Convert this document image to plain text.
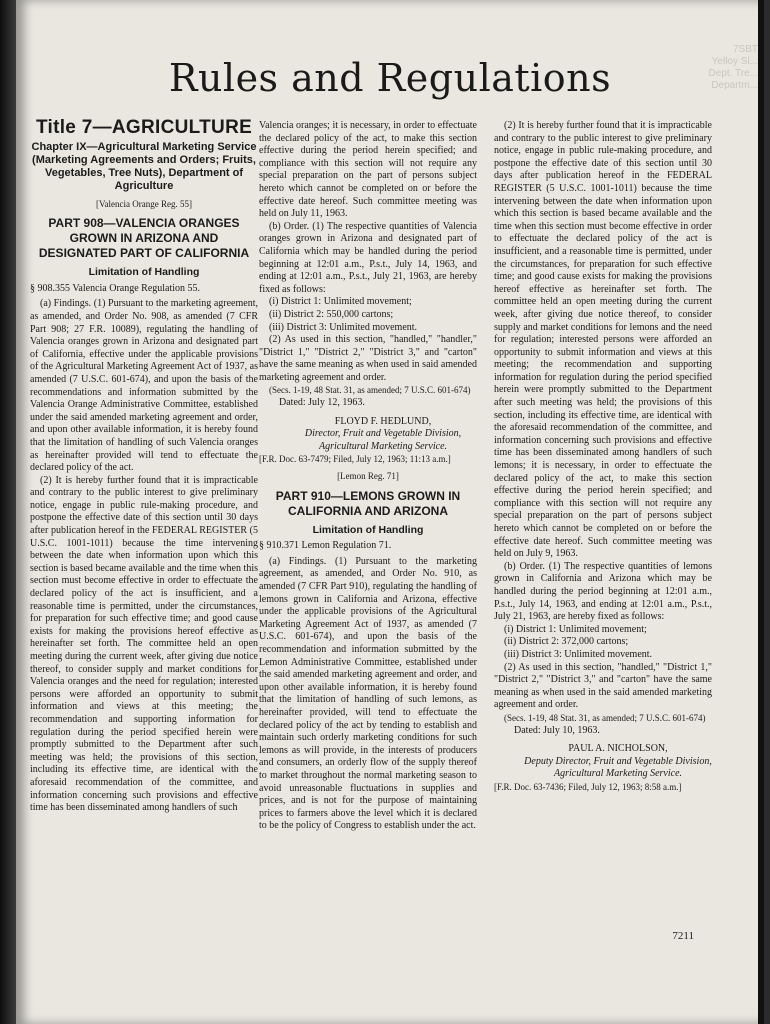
7SBT
Yelloy Sl...
Dept. Tre...
Departm...
Rules and Regulations
Title 7—AGRICULTURE
Chapter IX—Agricultural Marketing Service (Marketing Agreements and Orders; Fruits, Vegetables, Tree Nuts), Department of Agriculture
[Valencia Orange Reg. 55]
PART 908—VALENCIA ORANGES GROWN IN ARIZONA AND DESIGNATED PART OF CALIFORNIA
Limitation of Handling
§ 908.355 Valencia Orange Regulation 55.

(a) Findings. (1) Pursuant to the marketing agreement, as amended, and Order No. 908, as amended (7 CFR Part 908; 27 F.R. 10089), regulating the handling of Valencia oranges grown in Arizona and designated part of California, effective under the applicable provisions of the Agricultural Marketing Agreement Act of 1937, as amended (7 U.S.C. 601-674), and upon the basis of the recommendations and information submitted by the Valencia Orange Administrative Committee, established under the said amended marketing agreement and order, and upon other available information, it is hereby found that the limitation of handling of such Valencia oranges as hereinafter provided will tend to effectuate the declared policy of the act.

(2) It is hereby further found that it is impracticable and contrary to the public interest to give preliminary notice, engage in public rule-making procedure, and postpone the effective date of this section until 30 days after publication hereof in the FEDERAL REGISTER (5 U.S.C. 1001-1011) because the time intervening between the date when information upon which this section is based became available and the time when this section must become effective in order to effectuate the declared policy of the act is insufficient, and a reasonable time is permitted, under the circumstances, for preparation for such effective time; and good cause exists for making the provisions hereof effective as hereinafter set forth. The committee held an open meeting during the current week, after giving due notice thereof, to consider supply and market conditions for Valencia oranges and the need for regulation; interested persons were afforded an opportunity to submit information and views at this meeting; the recommendation and supporting information for regulation during the period specified herein were promptly submitted to the Department after such meeting was held; the provisions of this section, including its effective time, are identical with the aforesaid recommendation of the committee, and information concerning such provisions and effective time has been disseminated among handlers of such

Valencia oranges; it is necessary, in order to effectuate the declared policy of the act, to make this section effective during the period herein specified; and compliance with this section will not require any special preparation on the part of persons subject hereto which cannot be completed on or before the effective date hereof. Such committee meeting was held on July 11, 1963.

(b) Order. (1) The respective quantities of Valencia oranges grown in Arizona and designated part of California which may be handled during the period beginning at 12:01 a.m., P.s.t., July 14, 1963, and ending at 12:01 a.m., P.s.t., July 21, 1963, are hereby fixed as follows:

(i) District 1: Unlimited movement;

(ii) District 2: 550,000 cartons;

(iii) District 3: Unlimited movement.

(2) As used in this section, "handled," "handler," "District 1," "District 2," "District 3," and "carton" have the same meaning as when used in said amended marketing agreement and order.

(Secs. 1-19, 48 Stat. 31, as amended; 7 U.S.C. 601-674)

Dated: July 12, 1963.

FLOYD F. HEDLUND,
Director, Fruit and Vegetable Division, Agricultural Marketing Service.

[F.R. Doc. 63-7479; Filed, July 12, 1963; 11:13 a.m.]

[Lemon Reg. 71]
PART 910—LEMONS GROWN IN CALIFORNIA AND ARIZONA
Limitation of Handling
§ 910.371 Lemon Regulation 71.

(a) Findings. (1) Pursuant to the marketing agreement, as amended, and Order No. 910, as amended (7 CFR Part 910), regulating the handling of lemons grown in California and Arizona, effective under the applicable provisions of the Agricultural Marketing Agreement Act of 1937, as amended (7 U.S.C. 601-674), and upon the basis of the recommendation and information submitted by the Lemon Administrative Committee, established under the said amended marketing agreement and order, and upon other available information, it is hereby found that the limitation of handling of such lemons, as hereinafter provided, will tend to effectuate the declared policy of the act by tending to establish and maintain such orderly marketing conditions for such lemons as will provide, in the interests of producers and consumers, an orderly flow of the supply thereof to market throughout the normal marketing season to avoid unreasonable fluctuations in supplies and prices, and is not for the purpose of maintaining prices to farmers above the level which it is declared to be the policy of Congress to establish under the act.

(2) It is hereby further found that it is impracticable and contrary to the public interest to give preliminary notice, engage in public rule-making procedure, and postpone the effective date of this section until 30 days after publication hereof in the FEDERAL REGISTER (5 U.S.C. 1001-1011) because the time intervening between the date when information upon which this section is based became available and the time when this section must become effective in order to effectuate the declared policy of the act is insufficient, and a reasonable time is permitted, under the circumstances, for preparation for such effective time; and good cause exists for making the provisions hereof effective as hereinafter set forth. The committee held an open meeting during the current week, after giving due notice thereof, to consider supply and market conditions for lemons and the need for regulation; interested persons were afforded an opportunity to submit information and views at this meeting; the recommendation and supporting information for regulation during the period specified herein were promptly submitted to the Department after such meeting was held; the provisions of this section, including its effective time, are identical with the aforesaid recommendation of the committee, and information concerning such provisions and effective time has been disseminated among handlers of such lemons; it is necessary, in order to effectuate the declared policy of the act, to make this section effective during the period herein specified; and compliance with this section will not require any special preparation on the part of persons subject hereto which cannot be completed on or before the effective date hereof. Such committee meeting was held on July 9, 1963.

(b) Order. (1) The respective quantities of lemons grown in California and Arizona which may be handled during the period beginning at 12:01 a.m., P.s.t., July 14, 1963, and ending at 12:01 a.m., P.s.t., July 21, 1963, are hereby fixed as follows:

(i) District 1: Unlimited movement;

(ii) District 2: 372,000 cartons;

(iii) District 3: Unlimited movement.

(2) As used in this section, "handled," "District 1," "District 2," "District 3," and "carton" have the same meaning as when used in the said amended marketing agreement and order.

(Secs. 1-19, 48 Stat. 31, as amended; 7 U.S.C. 601-674)

Dated: July 10, 1963.

PAUL A. NICHOLSON,
Deputy Director, Fruit and Vegetable Division, Agricultural Marketing Service.

[F.R. Doc. 63-7436; Filed, July 12, 1963; 8:58 a.m.]

7211
